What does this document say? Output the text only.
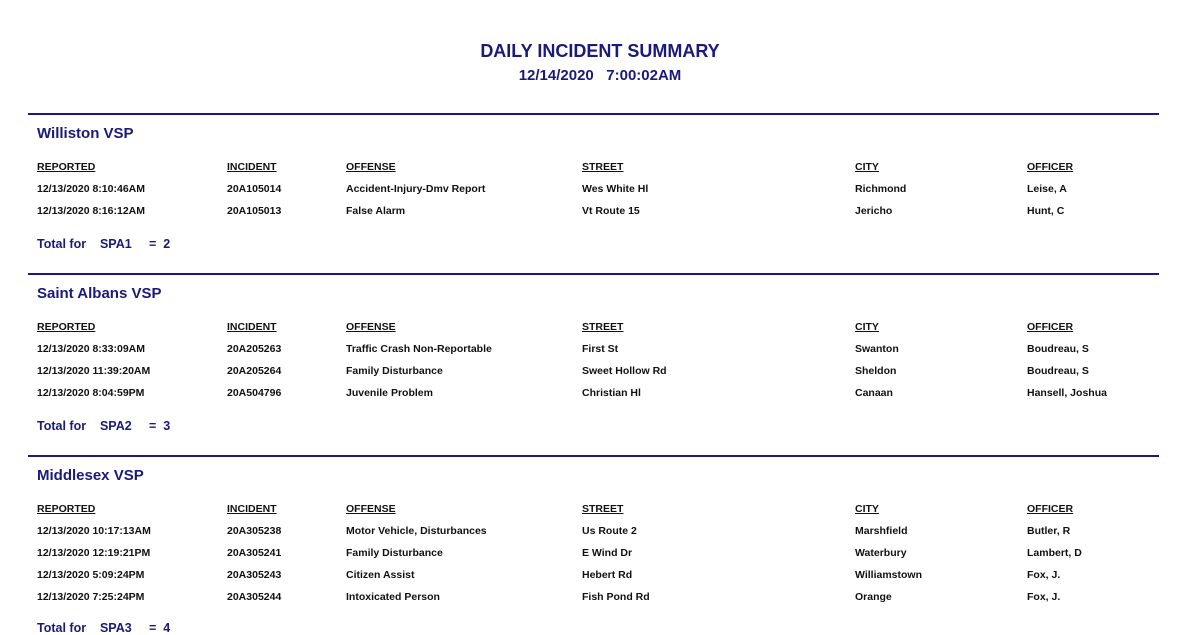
DAILY INCIDENT SUMMARY
12/14/2020   7:00:02AM
Williston VSP
REPORTED	INCIDENT	OFFENSE	STREET	CITY	OFFICER
12/13/2020 8:10:46AM	20A105014	Accident-Injury-Dmv Report	Wes White Hl	Richmond	Leise, A
12/13/2020 8:16:12AM	20A105013	False Alarm	Vt Route 15	Jericho	Hunt, C
Total for    SPA1     =  2
Saint Albans VSP
REPORTED	INCIDENT	OFFENSE	STREET	CITY	OFFICER
12/13/2020 8:33:09AM	20A205263	Traffic Crash Non-Reportable	First St	Swanton	Boudreau, S
12/13/2020 11:39:20AM	20A205264	Family Disturbance	Sweet Hollow Rd	Sheldon	Boudreau, S
12/13/2020 8:04:59PM	20A504796	Juvenile Problem	Christian Hl	Canaan	Hansell, Joshua
Total for    SPA2     =  3
Middlesex VSP
REPORTED	INCIDENT	OFFENSE	STREET	CITY	OFFICER
12/13/2020 10:17:13AM	20A305238	Motor Vehicle, Disturbances	Us Route 2	Marshfield	Butler, R
12/13/2020 12:19:21PM	20A305241	Family Disturbance	E Wind Dr	Waterbury	Lambert, D
12/13/2020 5:09:24PM	20A305243	Citizen Assist	Hebert Rd	Williamstown	Fox, J.
12/13/2020 7:25:24PM	20A305244	Intoxicated Person	Fish Pond Rd	Orange	Fox, J.
Total for    SPA3     =  4
